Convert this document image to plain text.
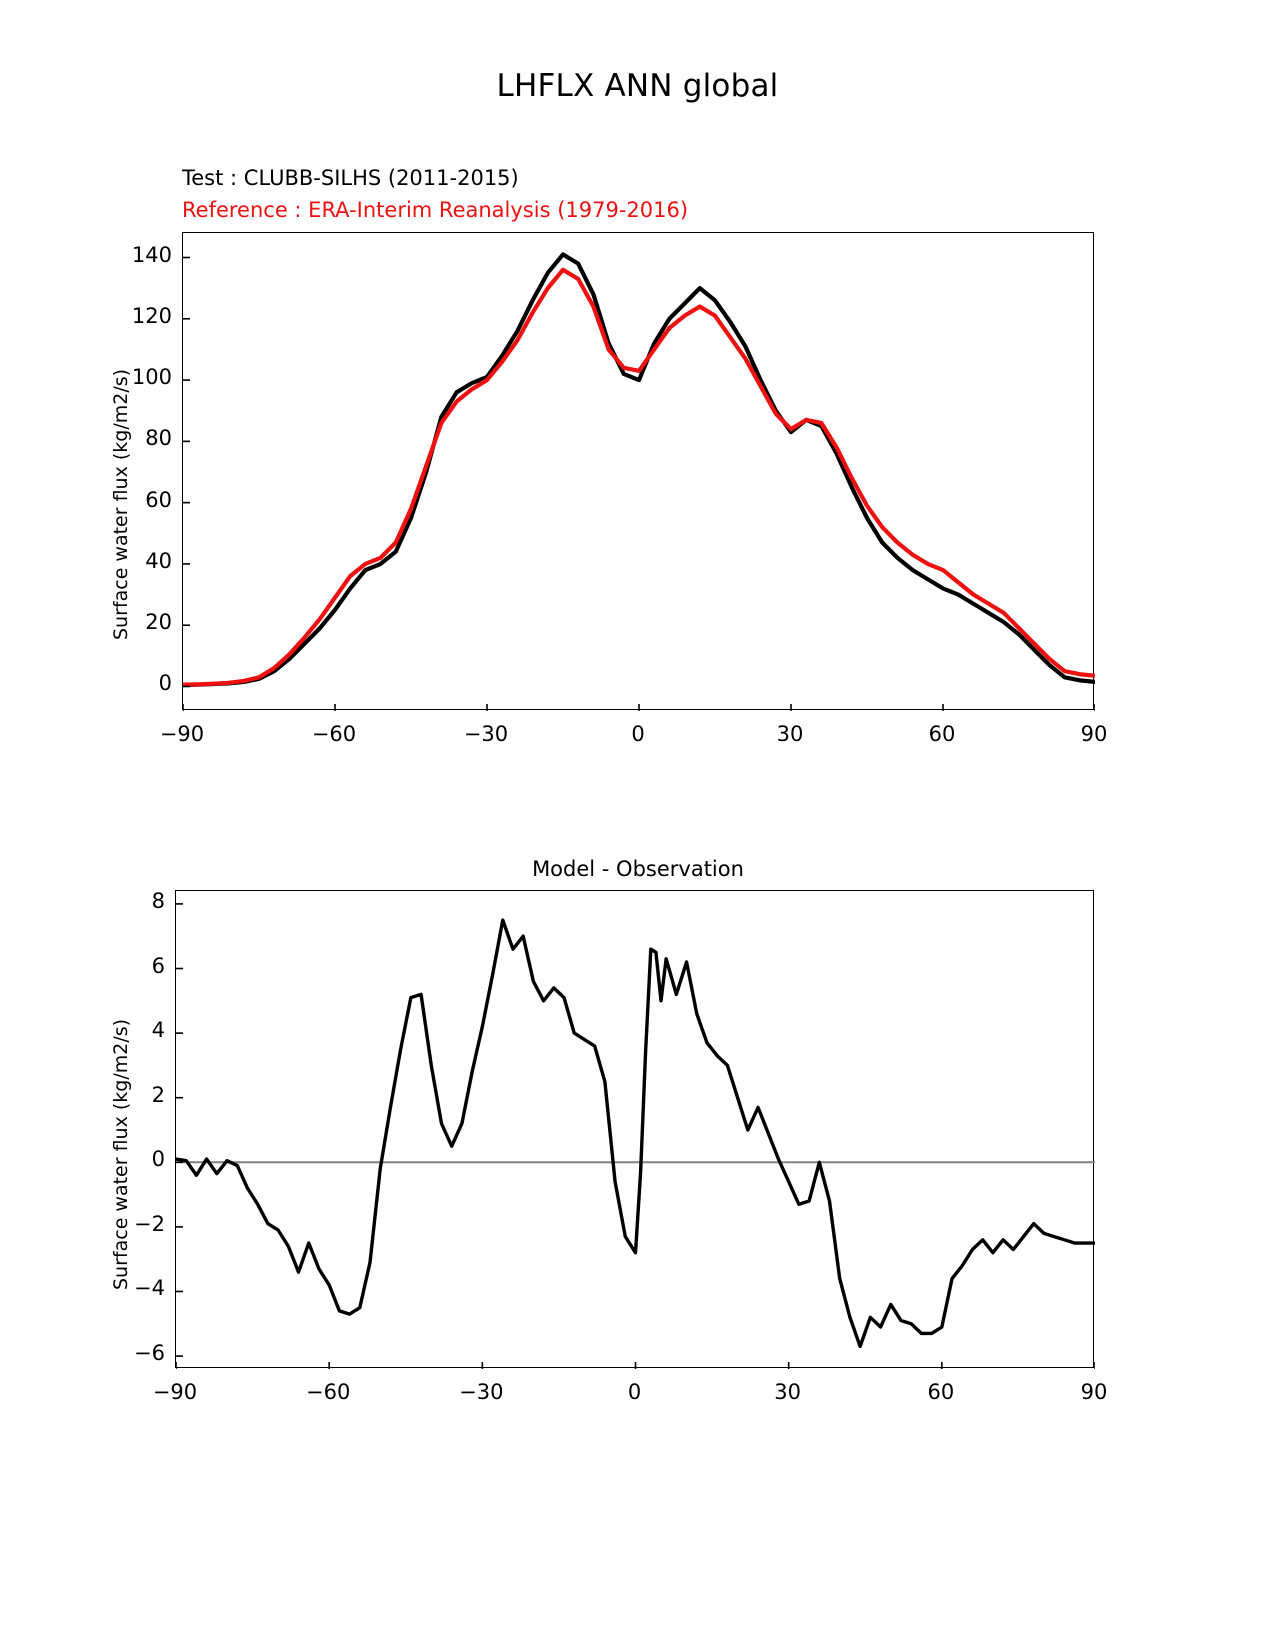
LHFLX ANN global
Test : CLUBB-SILHS (2011-2015)
Reference : ERA-Interim Reanalysis (1979-2016)
Surface water flux (kg/m2/s)
Model - Observation
Surface water flux (kg/m2/s)
0
20
40
60
80
100
120
140
−90	−60	−30	0	30	60	90
−6
−4
−2
0
2
4
6
8
−90	−60	−30	0	30	60	90
